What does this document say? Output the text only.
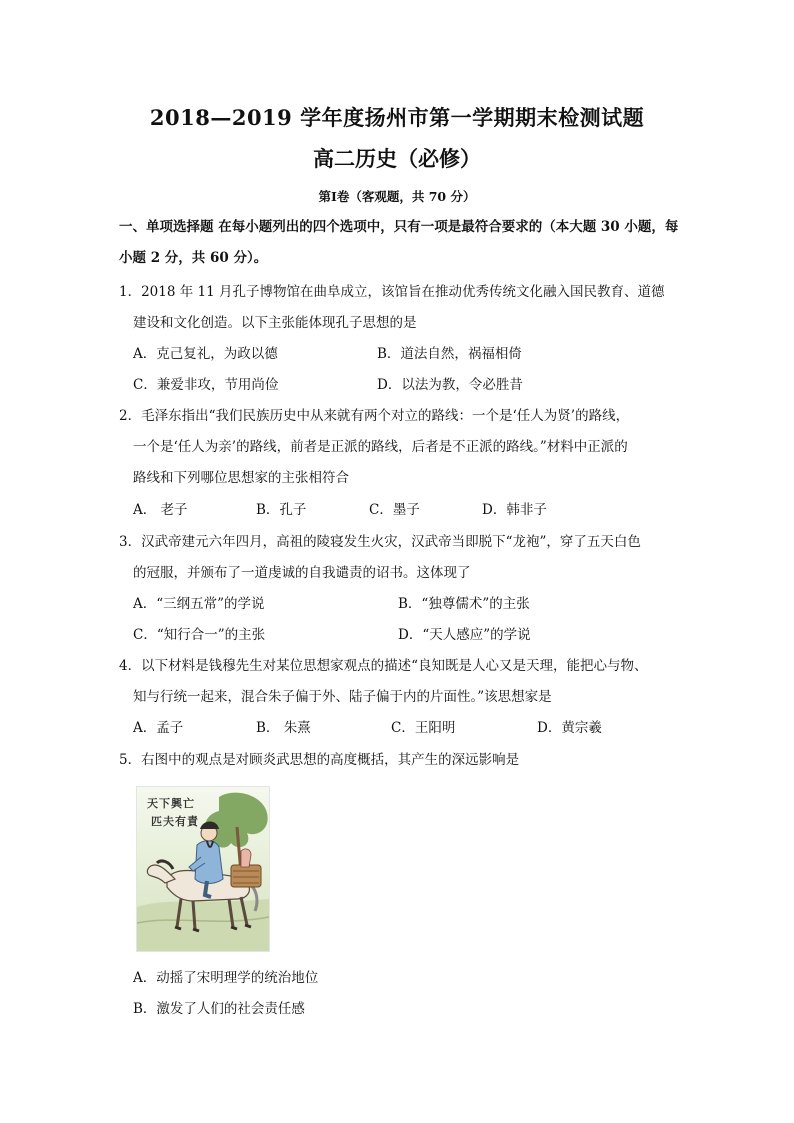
2018—2019 学年度扬州市第一学期期末检测试题
高二历史（必修）
第Ⅰ卷（客观题，共 70 分）
一、单项选择题 在每小题列出的四个选项中，只有一项是最符合要求的（本大题 30 小题，每小题 2 分，共 60 分）。
1．2018 年 11 月孔子博物馆在曲阜成立，该馆旨在推动优秀传统文化融入国民教育、道德
建设和文化创造。以下主张能体现孔子思想的是
A．克己复礼，为政以德	B．道法自然，祸福相倚
C．兼爱非攻，节用尚俭	D．以法为教，令必胜昔
2．毛泽东指出“我们民族历史中从来就有两个对立的路线：一个是‘任人为贤’的路线，
一个是‘任人为亲’的路线，前者是正派的路线，后者是不正派的路线。”材料中正派的
路线和下列哪位思想家的主张相符合
A． 老子	B．孔子	C．墨子	D．韩非子
3．汉武帝建元六年四月，高祖的陵寝发生火灾，汉武帝当即脱下“龙袍”，穿了五天白色
的冠服，并颁布了一道虔诚的自我谴责的诏书。这体现了
A．“三纲五常”的学说	B．“独尊儒术”的主张
C．“知行合一”的主张	D．“天人感应”的学说
4．以下材料是钱穆先生对某位思想家观点的描述“良知既是人心又是天理，能把心与物、
知与行统一起来，混合朱子偏于外、陆子偏于内的片面性。”该思想家是
A．孟子	B． 朱熹	C．王阳明	D．黄宗羲
5．右图中的观点是对顾炎武思想的高度概括，其产生的深远影响是
天下興亡
匹夫有責
A．动摇了宋明理学的统治地位
B．激发了人们的社会责任感
